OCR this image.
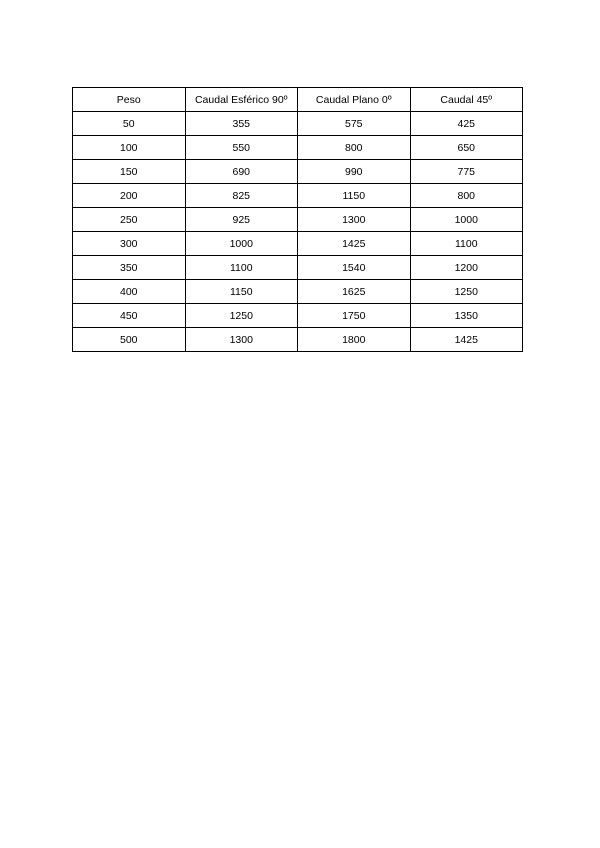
Peso	Caudal Esférico 90º	Caudal Plano 0º	Caudal 45º
50	355	575	425
100	550	800	650
150	690	990	775
200	825	1150	800
250	925	1300	1000
300	1000	1425	1100
350	1100	1540	1200
400	1150	1625	1250
450	1250	1750	1350
500	1300	1800	1425
